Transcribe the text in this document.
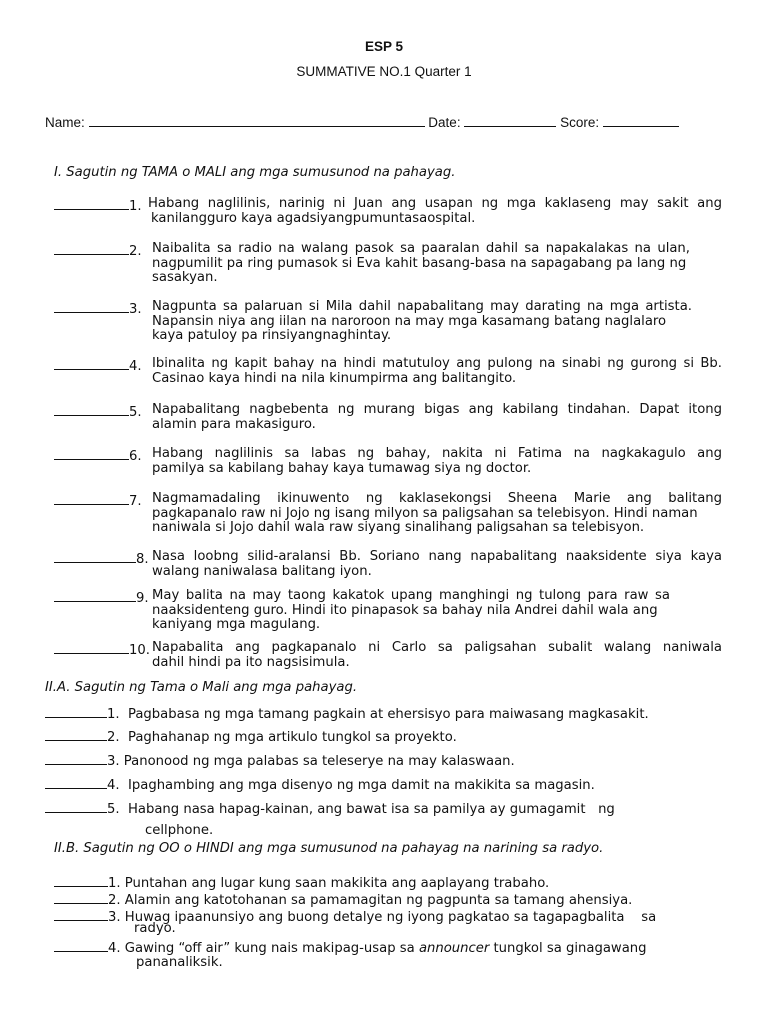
ESP 5
SUMMATIVE NO.1 Quarter 1
Name:	Date:	Score:
I. Sagutin ng TAMA o MALI ang mga sumusunod na pahayag.
1. Habang naglilinis, narinig ni Juan ang usapan ng mga kaklaseng may sakit ang
kanilangguro kaya agadsiyangpumuntasaospital.
2. Naibalita sa radio na walang pasok sa paaralan dahil sa napakalakas na ulan,
nagpumilit pa ring pumasok si Eva kahit basang-basa na sapagabang pa lang ng
sasakyan.
3. Nagpunta sa palaruan si Mila dahil napabalitang may darating na mga artista.
Napansin niya ang iilan na naroroon na may mga kasamang batang naglalaro
kaya patuloy pa rinsiyangnaghintay.
4. Ibinalita ng kapit bahay na hindi matutuloy ang pulong na sinabi ng gurong si Bb.
Casinao kaya hindi na nila kinumpirma ang balitangito.
5. Napabalitang nagbebenta ng murang bigas ang kabilang tindahan. Dapat itong
alamin para makasiguro.
6. Habang naglilinis sa labas ng bahay, nakita ni Fatima na nagkakagulo ang
pamilya sa kabilang bahay kaya tumawag siya ng doctor.
7. Nagmamadaling ikinuwento ng kaklasekongsi Sheena Marie ang balitang
pagkapanalo raw ni Jojo ng isang milyon sa paligsahan sa telebisyon. Hindi naman
naniwala si Jojo dahil wala raw siyang sinalihang paligsahan sa telebisyon.
8. Nasa loobng silid-aralansi Bb. Soriano nang napabalitang naaksidente siya kaya
walang naniwalasa balitang iyon.
9. May balita na may taong kakatok upang manghingi ng tulong para raw sa
naaksidenteng guro. Hindi ito pinapasok sa bahay nila Andrei dahil wala ang
kaniyang mga magulang.
10. Napabalita ang pagkapanalo ni Carlo sa paligsahan subalit walang naniwala
dahil hindi pa ito nagsisimula.
II.A. Sagutin ng Tama o Mali ang mga pahayag.
1. Pagbabasa ng mga tamang pagkain at ehersisyo para maiwasang magkasakit.
2. Paghahanap ng mga artikulo tungkol sa proyekto.
3. Panonood ng mga palabas sa teleserye na may kalaswaan.
4. Ipaghambing ang mga disenyo ng mga damit na makikita sa magasin.
5. Habang nasa hapag-kainan, ang bawat isa sa pamilya ay gumagamit   ng
cellphone.
II.B. Sagutin ng OO o HINDI ang mga sumusunod na pahayag na narining sa radyo.
1. Puntahan ang lugar kung saan makikita ang aaplayang trabaho.
2. Alamin ang katotohanan sa pamamagitan ng pagpunta sa tamang ahensiya.
3. Huwag ipaanunsiyo ang buong detalye ng iyong pagkatao sa tagapagbalita    sa
radyo.
4. Gawing “off air” kung nais makipag-usap sa announcer tungkol sa ginagawang
pananaliksik.
